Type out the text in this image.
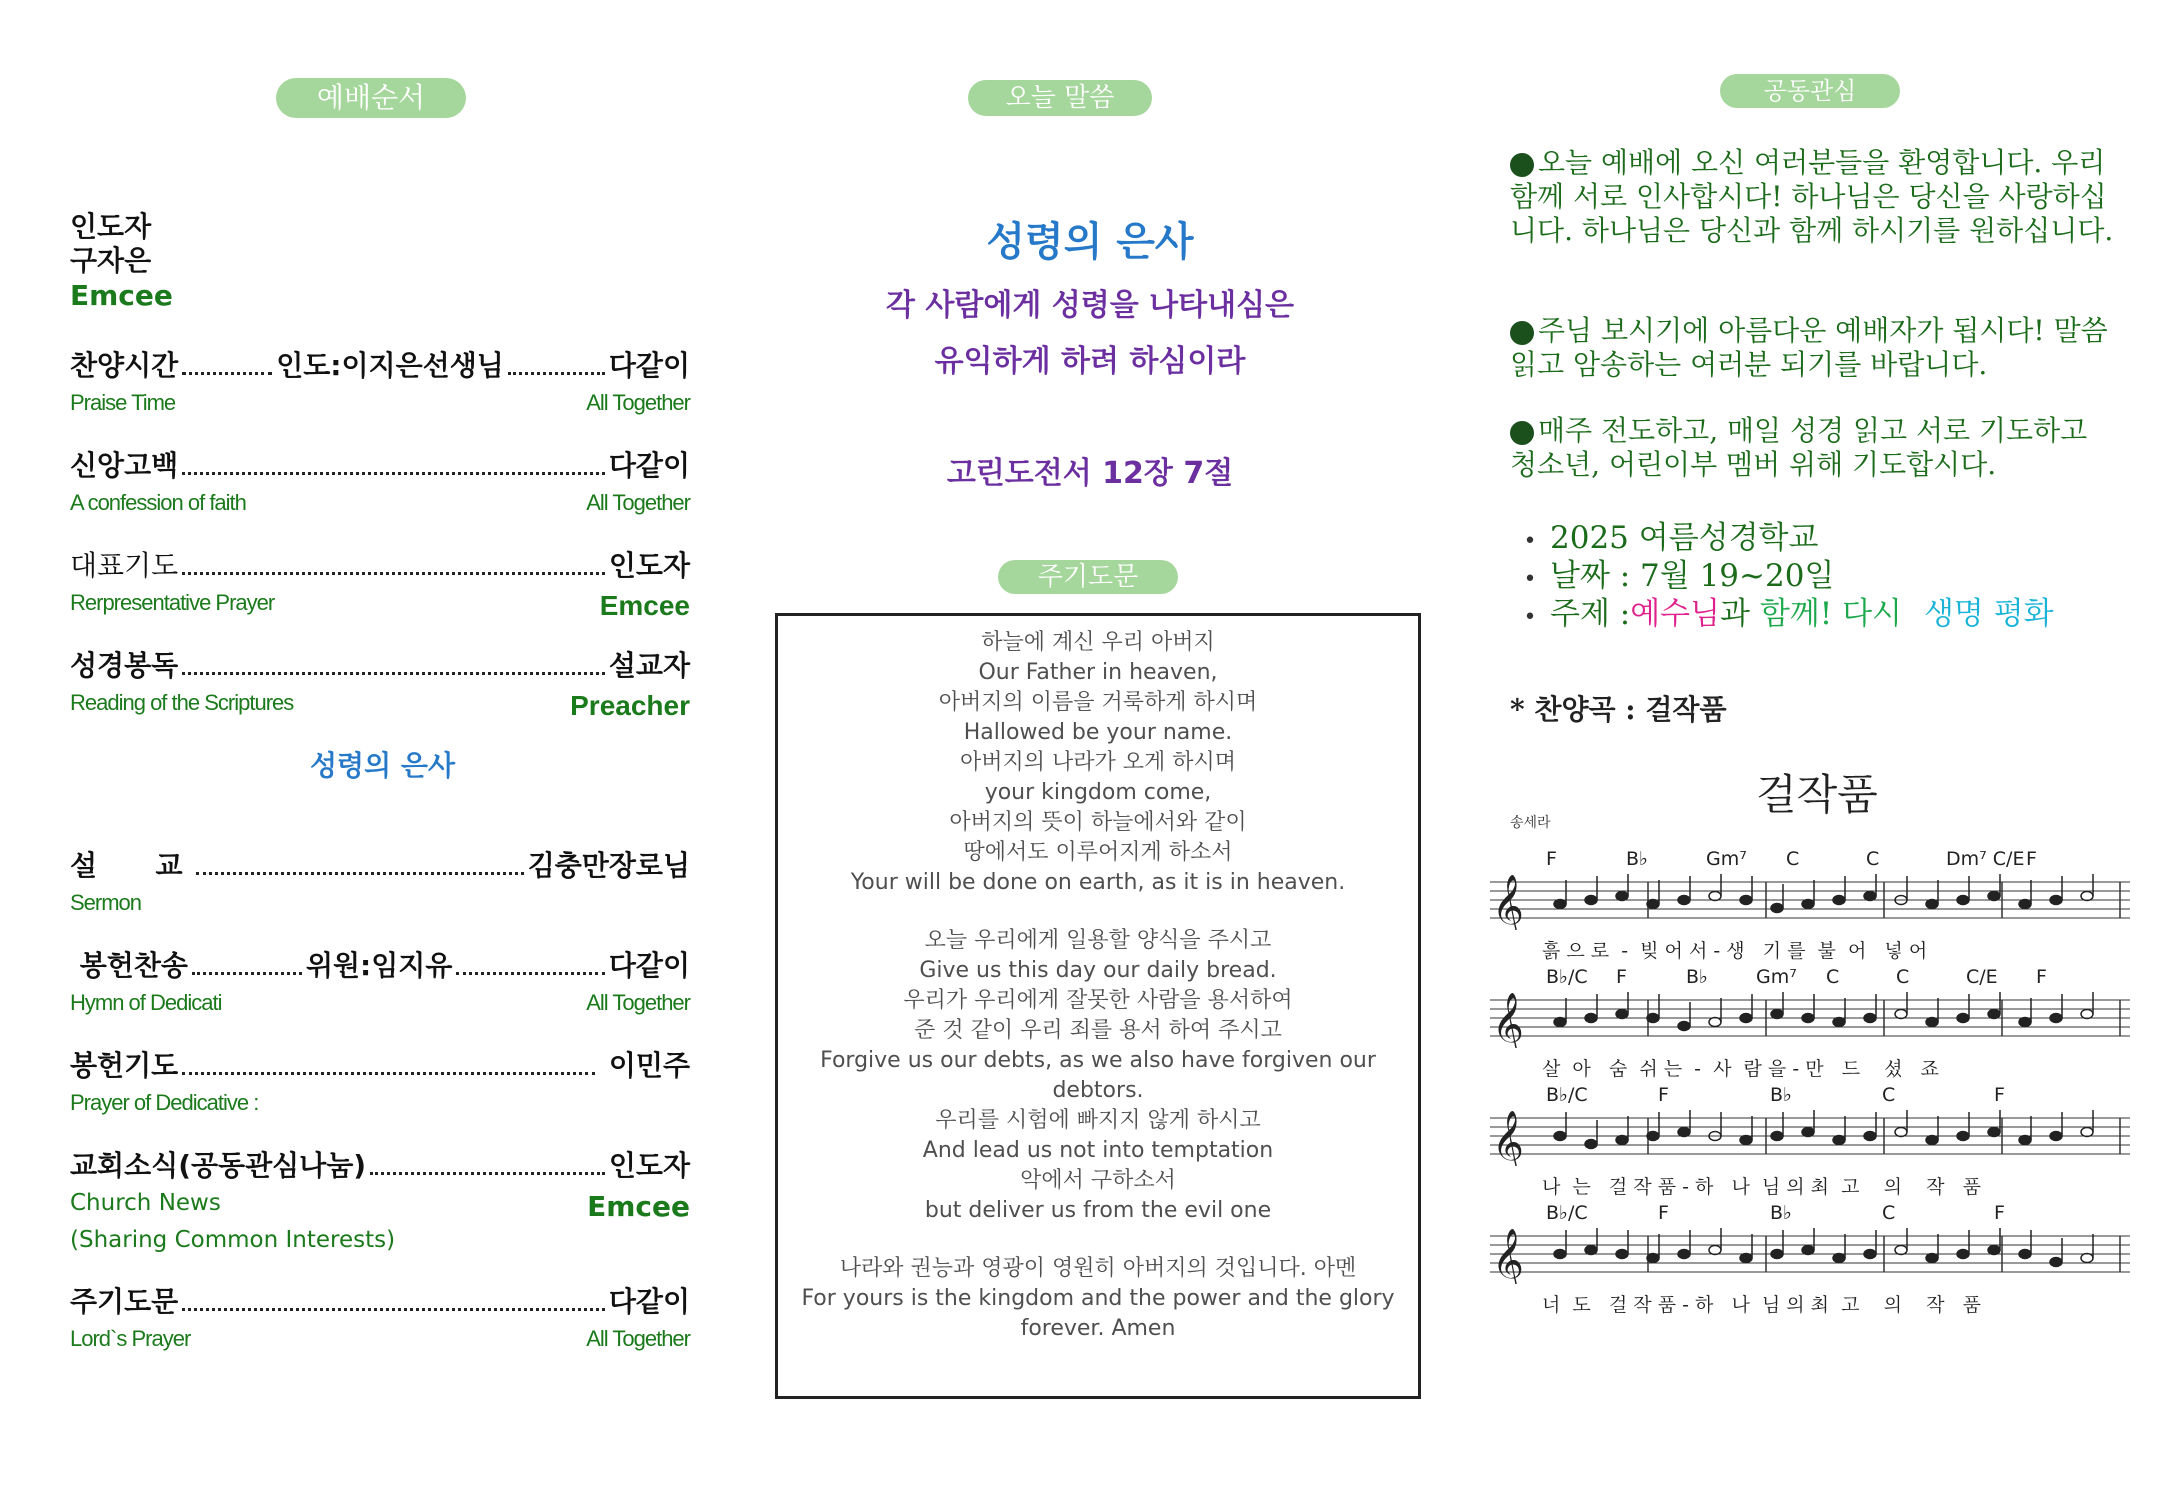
예배순서
인도자
구자은
Emcee
찬양시간	인도:이지은선생님	다같이
Praise Time	All Together
신앙고백	다같이
A confession of faith	All Together
대표기도	인도자
Rerpresentative Prayer	Emcee
성경봉독	설교자
Reading of the Scriptures	Preacher
성령의 은사
설      교	김충만장로님
Sermon
봉헌찬송	위원:임지유	다같이
Hymn of Dedicati	All Together
봉헌기도	이민주
Prayer of Dedicative :
교회소식(공동관심나눔)	인도자
Church News	Emcee
(Sharing Common Interests)
주기도문	다같이
Lord`s Prayer	All Together
오늘 말씀
성령의 은사
각 사람에게 성령을 나타내심은
유익하게 하려 하심이라
고린도전서 12장 7절
주기도문
하늘에 계신 우리 아버지
Our Father in heaven,
아버지의 이름을 거룩하게 하시며
Hallowed be your name.
아버지의 나라가 오게 하시며
your kingdom come,
아버지의 뜻이 하늘에서와 같이
땅에서도 이루어지게 하소서
Your will be done on earth, as it is in heaven.
오늘 우리에게 일용할 양식을 주시고
Give us this day our daily bread.
우리가 우리에게 잘못한 사람을 용서하여
준 것 같이 우리 죄를 용서 하여 주시고
Forgive us our debts, as we also have forgiven our
debtors.
우리를 시험에 빠지지 않게 하시고
And lead us not into temptation
악에서 구하소서
but deliver us from the evil one
나라와 권능과 영광이 영원히 아버지의 것입니다. 아멘
For yours is the kingdom and the power and the glory
forever. Amen
공동관심
오늘 예배에 오신 여러분들을 환영합니다. 우리 함께 서로 인사합시다! 하나님은 당신을 사랑하십니다. 하나님은 당신과 함께 하시기를 원하십니다.
주님 보시기에 아름다운 예배자가 됩시다! 말씀 읽고 암송하는 여러분 되기를 바랍니다.
매주 전도하고, 매일 성경 읽고 서로 기도하고 청소년, 어린이부 멤버 위해 기도합시다.
• 2025 여름성경학교
• 날짜 : 7월 19~20일
• 주제 :예수님과 함께! 다시 생명 평화
* 찬양곡 : 걸작품
걸작품
송세라
F	B♭	Gm⁷ C	C	Dm⁷ C/E F
𝄞
흙 으 로  -  빚 어 서 - 생   기 를  불  어   넣 어
B♭/C F	B♭	Gm⁷ C	C	C/E F
𝄞
살  아   숨  쉬 는  -  사  람 을 - 만   드    셨   죠
B♭/C	F	B♭	C	F
𝄞
나  는   걸 작 품 - 하   나  님 의 최  고    의    작   품
B♭/C	F	B♭	C	F
𝄞
너  도   걸 작 품 - 하   나  님 의 최  고    의    작   품
